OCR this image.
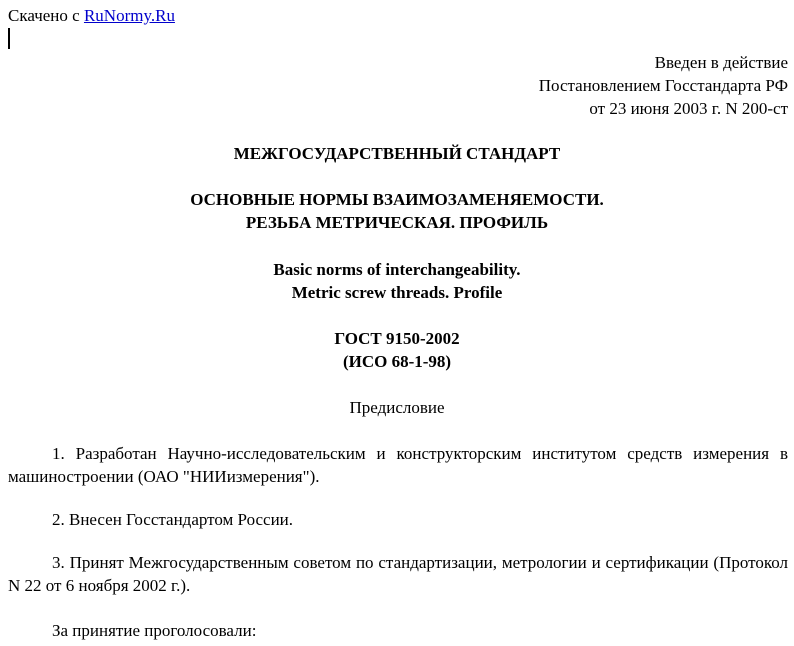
Скачено с RuNormy.Ru
Введен в действие
Постановлением Госстандарта РФ
от 23 июня 2003 г. N 200-ст
МЕЖГОСУДАРСТВЕННЫЙ СТАНДАРТ
ОСНОВНЫЕ НОРМЫ ВЗАИМОЗАМЕНЯЕМОСТИ.
РЕЗЬБА МЕТРИЧЕСКАЯ. ПРОФИЛЬ
Basic norms of interchangeability.
Metric screw threads. Profile
ГОСТ 9150-2002
(ИСО 68-1-98)
Предисловие

1. Разработан Научно-исследовательским и конструкторским институтом средств измерения в машиностроении (ОАО "НИИизмерения").

2. Внесен Госстандартом России.

3. Принят Межгосударственным советом по стандартизации, метрологии и сертификации (Протокол N 22 от 6 ноября 2002 г.).

За принятие проголосовали:
